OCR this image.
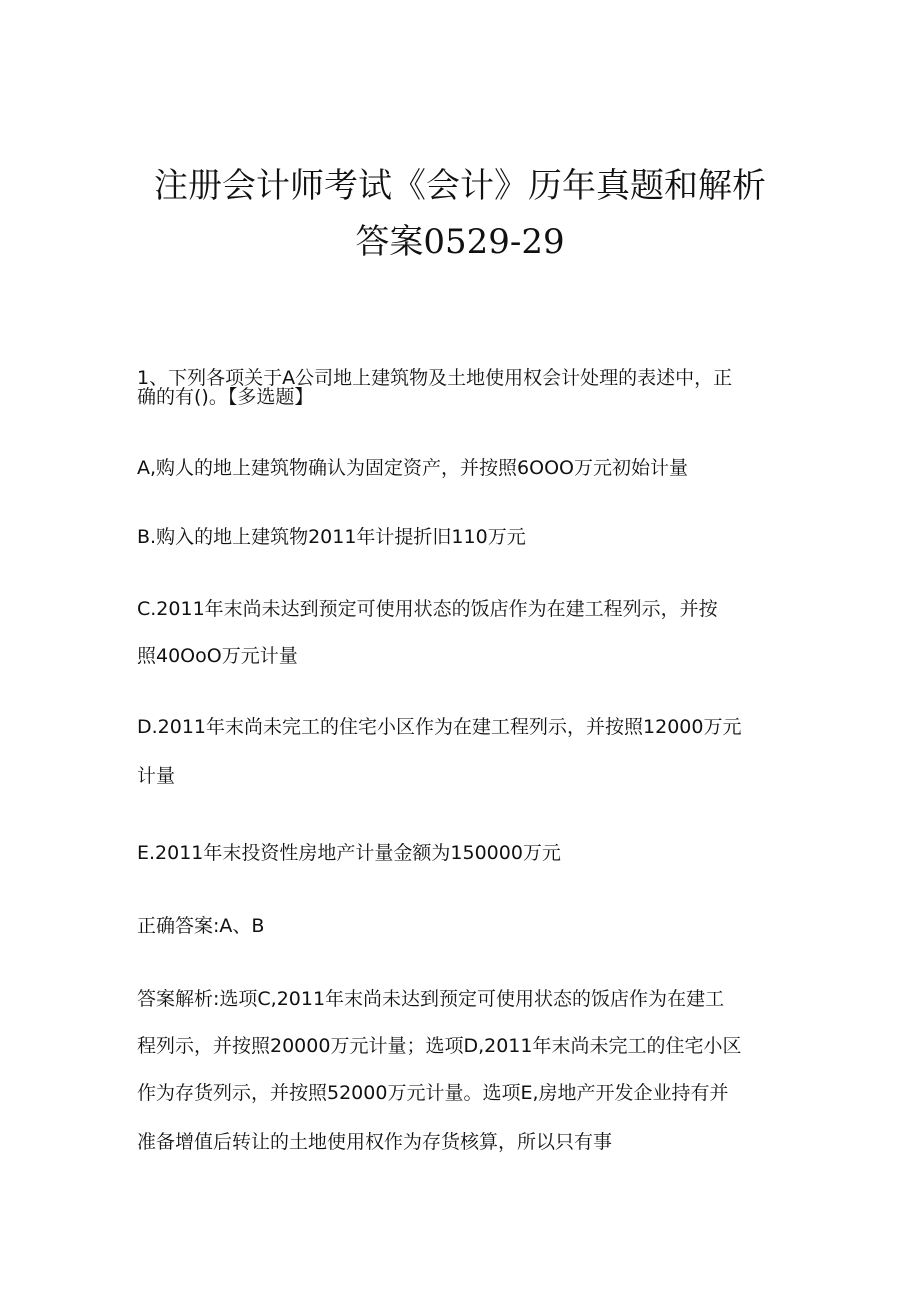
注册会计师考试《会计》历年真题和解析
答案0529-29
1、下列各项关于A公司地上建筑物及土地使用权会计处理的表述中，正
确的有()。【多选题】
A,购人的地上建筑物确认为固定资产，并按照6OOO万元初始计量
B.购入的地上建筑物2011年计提折旧110万元
C.2011年末尚未达到预定可使用状态的饭店作为在建工程列示，并按
照40OoO万元计量
D.2011年末尚未完工的住宅小区作为在建工程列示，并按照12000万元
计量
E.2011年末投资性房地产计量金额为150000万元
正确答案:A、B
答案解析:选项C,2011年末尚未达到预定可使用状态的饭店作为在建工
程列示，并按照20000万元计量；选项D,2011年末尚未完工的住宅小区
作为存货列示，并按照52000万元计量。选项E,房地产开发企业持有并
准备增值后转让的土地使用权作为存货核算，所以只有事
